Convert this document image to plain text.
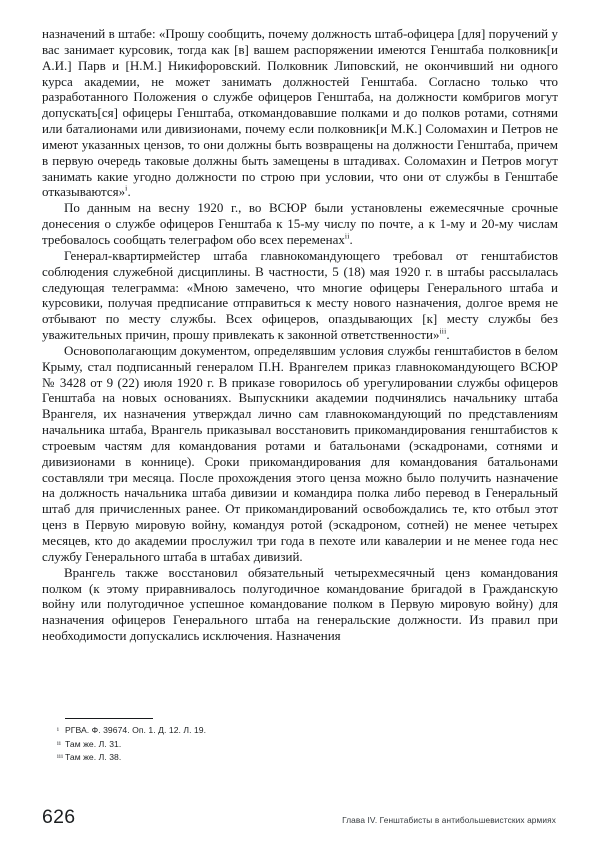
назначений в штабе: «Прошу сообщить, почему должность штаб-офицера [для] поручений у вас занимает курсовик, тогда как [в] вашем распоряжении имеются Генштаба полковник[и А.И.] Парв и [Н.М.] Никифоровский. Полковник Липовский, не окончивший ни одного курса академии, не может занимать должностей Генштаба. Согласно только что разработанного Положения о службе офицеров Генштаба, на должности комбригов могут допускать[ся] офицеры Генштаба, откомандовавшие полками и до полков ротами, сотнями или баталионами или дивизионами, почему если полковник[и М.К.] Соломахин и Петров не имеют указанных цензов, то они должны быть возвращены на должности Генштаба, причем в первую очередь таковые должны быть замещены в штадивах. Соломахин и Петров могут занимать какие угодно должности по строю при условии, что они от службы в Генштабе отказываются»$^i$.

По данным на весну 1920 г., во ВСЮР были установлены ежемесячные срочные донесения о службе офицеров Генштаба к 15-му числу по почте, а к 1-му и 20-му числам требовалось сообщать телеграфом обо всех переменах$^{ii}$.

Генерал-квартирмейстер штаба главнокомандующего требовал от генштабистов соблюдения служебной дисциплины. В частности, 5 (18) мая 1920 г. в штабы рассылалась следующая телеграмма: «Мною замечено, что многие офицеры Генерального штаба и курсовики, получая предписание отправиться к месту нового назначения, долгое время не отбывают по месту службы. Всех офицеров, опаздывающих [к] месту службы без уважительных причин, прошу привлекать к законной ответственности»$^{iii}$.

Основополагающим документом, определявшим условия службы генштабистов в белом Крыму, стал подписанный генералом П.Н. Врангелем приказ главнокомандующего ВСЮР № 3428 от 9 (22) июля 1920 г. В приказе говорилось об урегулировании службы офицеров Генштаба на новых основаниях. Выпускники академии подчинялись начальнику штаба Врангеля, их назначения утверждал лично сам главнокомандующий по представлениям начальника штаба, Врангель приказывал восстановить прикомандирования генштабистов к строевым частям для командования ротами и батальонами (эскадронами, сотнями и дивизионами в коннице). Сроки прикомандирования для командования батальонами составляли три месяца. После прохождения этого ценза можно было получить назначение на должность начальника штаба дивизии и командира полка либо перевод в Генеральный штаб для причисленных ранее. От прикомандирований освобождались те, кто отбыл этот ценз в Первую мировую войну, командуя ротой (эскадроном, сотней) не менее четырех месяцев, кто до академии прослужил три года в пехоте или кавалерии и не менее года нес службу Генерального штаба в штабах дивизий.

Врангель также восстановил обязательный четырехмесячный ценз командования полком (к этому приравнивалось полугодичное командование бригадой в Гражданскую войну или полугодичное успешное командование полком в Первую мировую войну) для назначения офицеров Генерального штаба на генеральские должности. Из правил при необходимости допускались исключения. Назначения

i РГВА. Ф. 39674. Оп. 1. Д. 12. Л. 19.
ii Там же. Л. 31.
iii Там же. Л. 38.
626	Глава IV. Генштабисты в антибольшевистских армиях
